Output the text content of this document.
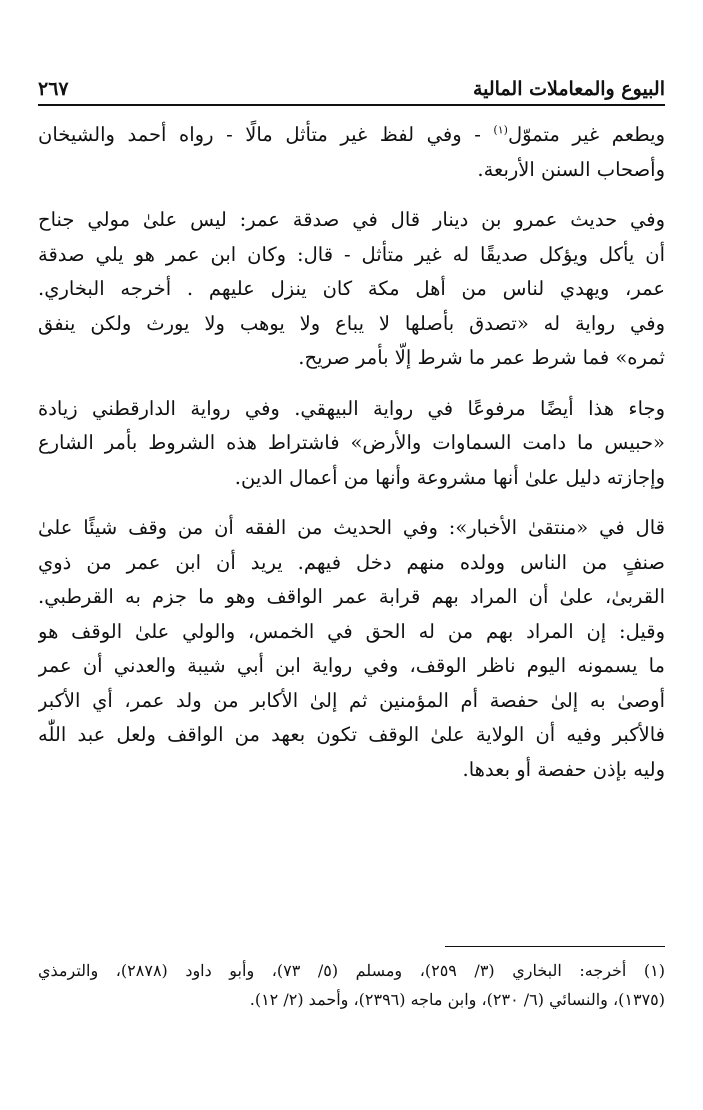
٢٦٧	البيوع والمعاملات المالية
ويطعم غير متموّل$^{(١)}$ - وفي لفظ غير متأثل مالًا - رواه أحمد والشيخان
وأصحاب السنن الأربعة.
وفي حديث عمرو بن دينار قال في صدقة عمر: ليس علىٰ مولي جناح
أن يأكل ويؤكل صديقًا له غير متأثل - قال: وكان ابن عمر هو يلي صدقة
عمر، ويهدي لناس من أهل مكة كان ينزل عليهم . أخرجه البخاري.
وفي رواية له «تصدق بأصلها لا يباع ولا يوهب ولا يورث ولكن ينفق
ثمره» فما شرط عمر ما شرط إلّا بأمر صريح.
وجاء هذا أيضًا مرفوعًا في رواية البيهقي. وفي رواية الدارقطني زيادة
«حبيس ما دامت السماوات والأرض» فاشتراط هذه الشروط بأمر الشارع
وإجازته دليل علىٰ أنها مشروعة وأنها من أعمال الدين.
قال في «منتقىٰ الأخبار»: وفي الحديث من الفقه أن من وقف شيئًا علىٰ
صنفٍ من الناس وولده منهم دخل فيهم. يريد أن ابن عمر من ذوي
القربىٰ، علىٰ أن المراد بهم قرابة عمر الواقف وهو ما جزم به القرطبي.
وقيل: إن المراد بهم من له الحق في الخمس، والولي علىٰ الوقف هو
ما يسمونه اليوم ناظر الوقف، وفي رواية ابن أبي شيبة والعدني أن عمر
أوصىٰ به إلىٰ حفصة أم المؤمنين ثم إلىٰ الأكابر من ولد عمر، أي الأكبر
فالأكبر وفيه أن الولاية علىٰ الوقف تكون بعهد من الواقف ولعل عبد اللّٰه
وليه بإذن حفصة أو بعدها.
(١) أخرجه: البخاري (٣/ ٢٥٩)، ومسلم (٥/ ٧٣)، وأبو داود (٢٨٧٨)، والترمذي
(١٣٧٥)، والنسائي (٦/ ٢٣٠)، وابن ماجه (٢٣٩٦)، وأحمد (٢/ ١٢).
